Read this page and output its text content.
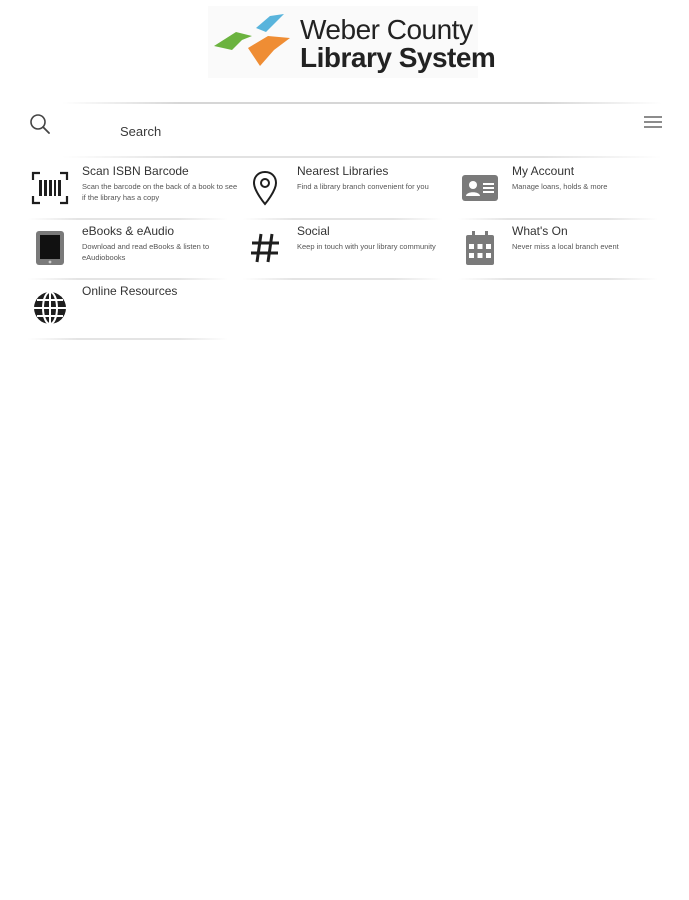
Weber County
Library System
Search
Scan ISBN Barcode
Scan the barcode on the back of a book to see if the library has a copy
Nearest Libraries
Find a library branch convenient for you
My Account
Manage loans, holds & more
eBooks & eAudio
Download and read eBooks & listen to eAudiobooks
Social
Keep in touch with your library community
What's On
Never miss a local branch event
Online Resources
